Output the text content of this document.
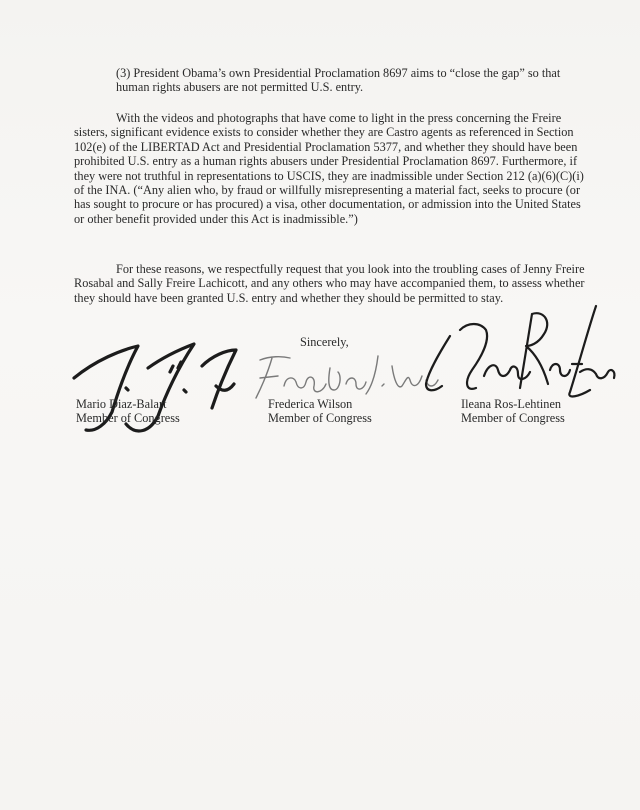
(3) President Obama’s own Presidential Proclamation 8697 aims to “close the gap” so that human rights abusers are not permitted U.S. entry.

With the videos and photographs that have come to light in the press concerning the Freire sisters, significant evidence exists to consider whether they are Castro agents as referenced in Section 102(e) of the LIBERTAD Act and Presidential Proclamation 5377, and whether they should have been prohibited U.S. entry as a human rights abusers under Presidential Proclamation 8697. Furthermore, if they were not truthful in representations to USCIS, they are inadmissible under Section 212 (a)(6)(C)(i) of the INA. (“Any alien who, by fraud or willfully misrepresenting a material fact, seeks to procure (or has sought to procure or has procured) a visa, other documentation, or admission into the United States or other benefit provided under this Act is inadmissible.”)

For these reasons, we respectfully request that you look into the troubling cases of Jenny Freire Rosabal and Sally Freire Lachicott, and any others who may have accompanied them, to assess whether they should have been granted U.S. entry and whether they should be permitted to stay.

Sincerely,
Mario Diaz-Balart
Member of Congress
Frederica Wilson
Member of Congress
Ileana Ros-Lehtinen
Member of Congress
